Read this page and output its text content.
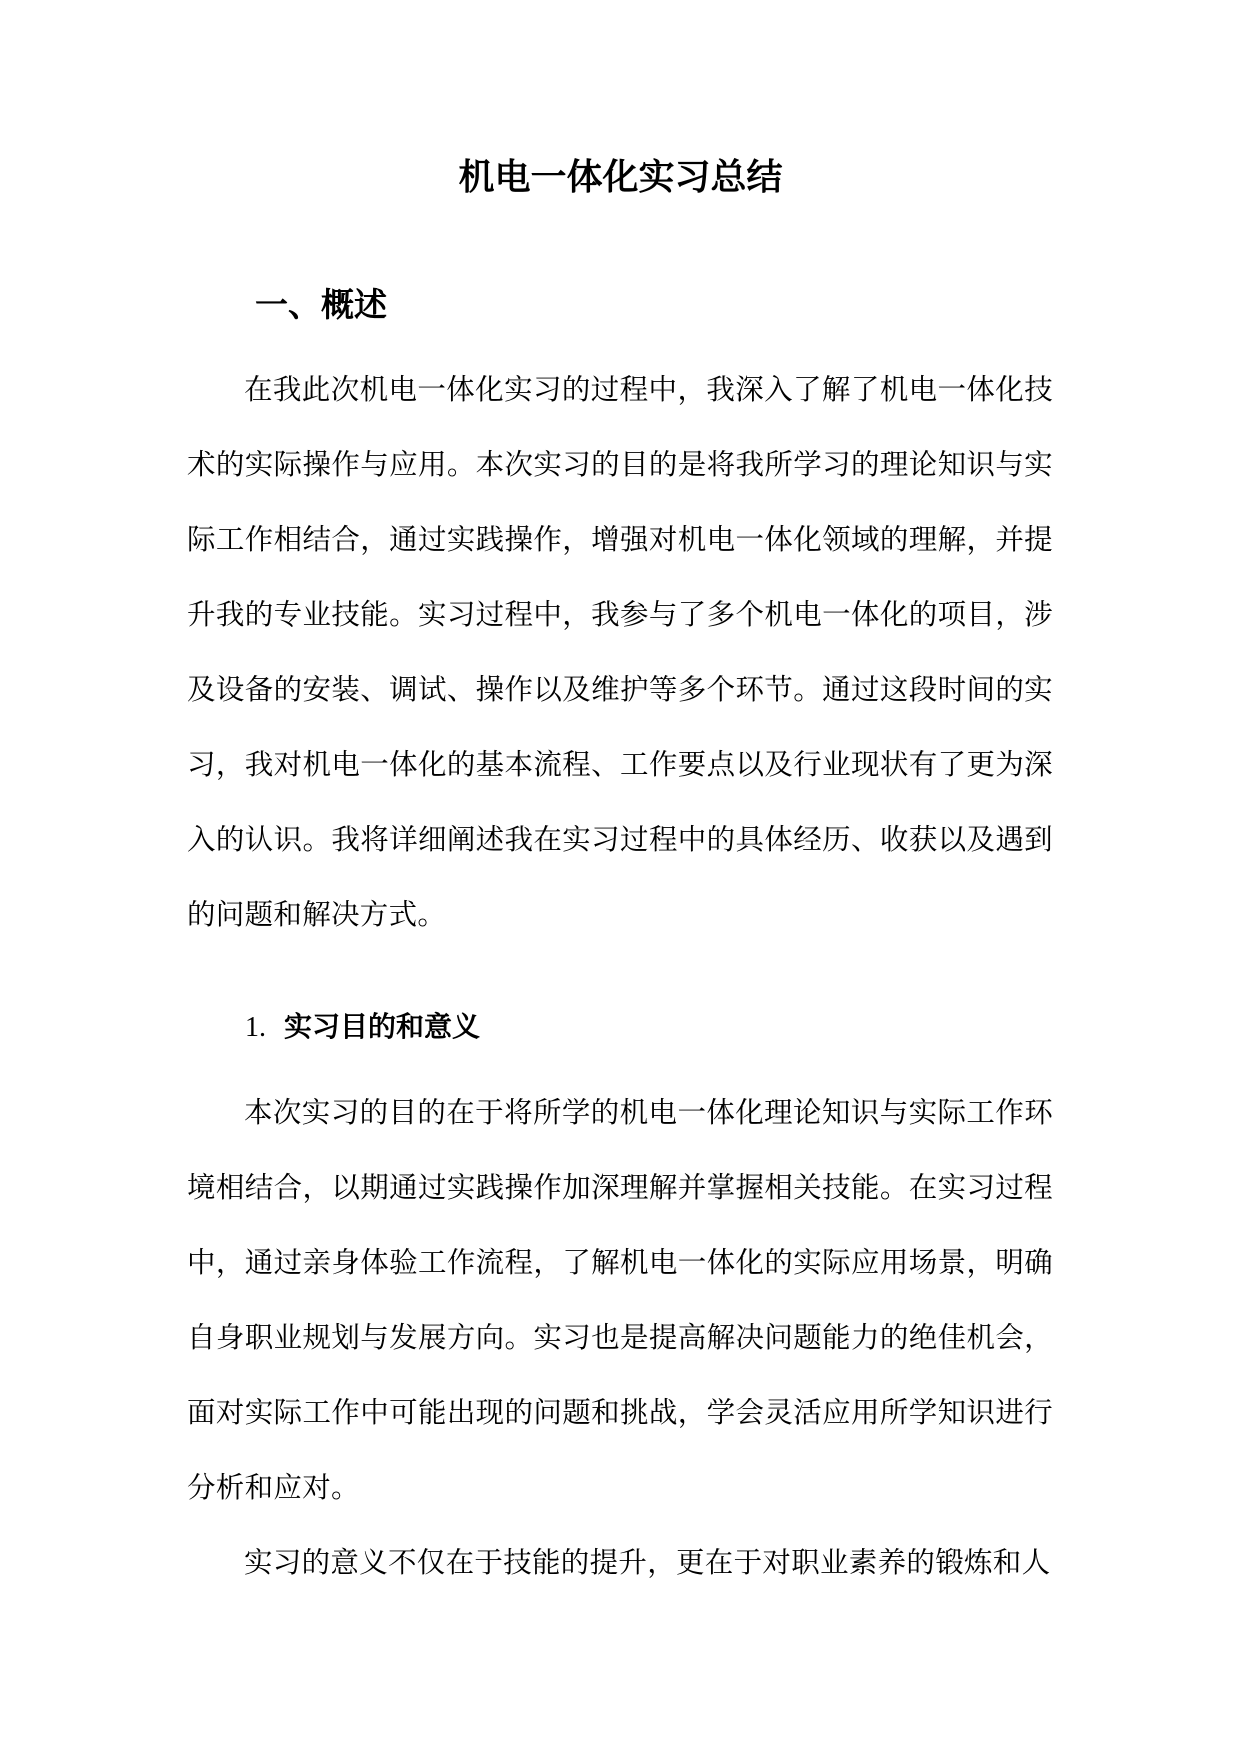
机电一体化实习总结
一、概述

在我此次机电一体化实习的过程中，我深入了解了机电一体化技术的实际操作与应用。本次实习的目的是将我所学习的理论知识与实际工作相结合，通过实践操作，增强对机电一体化领域的理解，并提升我的专业技能。实习过程中，我参与了多个机电一体化的项目，涉及设备的安装、调试、操作以及维护等多个环节。通过这段时间的实习，我对机电一体化的基本流程、工作要点以及行业现状有了更为深入的认识。我将详细阐述我在实习过程中的具体经历、收获以及遇到的问题和解决方式。

1. 实习目的和意义

本次实习的目的在于将所学的机电一体化理论知识与实际工作环境相结合，以期通过实践操作加深理解并掌握相关技能。在实习过程中，通过亲身体验工作流程，了解机电一体化的实际应用场景，明确自身职业规划与发展方向。实习也是提高解决问题能力的绝佳机会，面对实际工作中可能出现的问题和挑战，学会灵活应用所学知识进行分析和应对。

实习的意义不仅在于技能的提升，更在于对职业素养的锻炼和人
